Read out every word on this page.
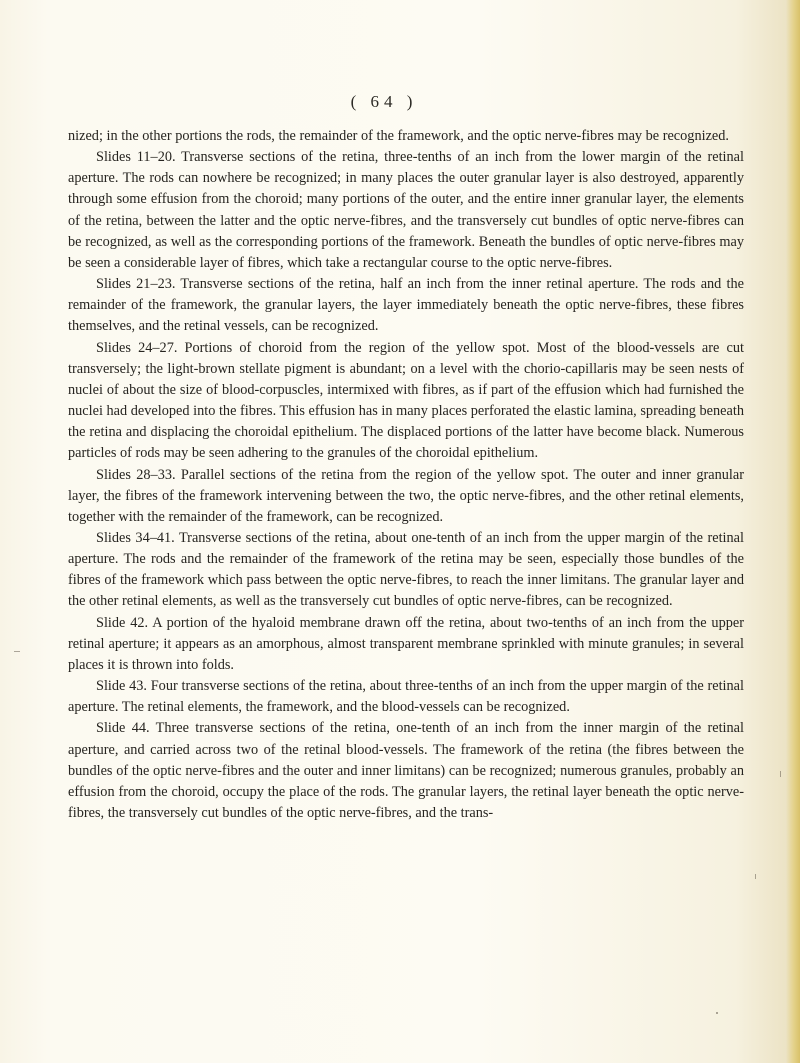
( 64 )

nized; in the other portions the rods, the remainder of the framework, and the optic nerve-fibres may be recognized.

Slides 11–20. Transverse sections of the retina, three-tenths of an inch from the lower margin of the retinal aperture. The rods can nowhere be recognized; in many places the outer granular layer is also destroyed, apparently through some effusion from the choroid; many portions of the outer, and the entire inner granular layer, the elements of the retina, between the latter and the optic nerve-fibres, and the transversely cut bundles of optic nerve-fibres can be recognized, as well as the corresponding portions of the framework. Beneath the bundles of optic nerve-fibres may be seen a considerable layer of fibres, which take a rectangular course to the optic nerve-fibres.

Slides 21–23. Transverse sections of the retina, half an inch from the inner retinal aperture. The rods and the remainder of the framework, the granular layers, the layer immediately beneath the optic nerve-fibres, these fibres themselves, and the retinal vessels, can be recognized.

Slides 24–27. Portions of choroid from the region of the yellow spot. Most of the blood-vessels are cut transversely; the light-brown stellate pigment is abundant; on a level with the chorio-capillaris may be seen nests of nuclei of about the size of blood-corpuscles, intermixed with fibres, as if part of the effusion which had furnished the nuclei had developed into the fibres. This effusion has in many places perforated the elastic lamina, spreading beneath the retina and displacing the choroidal epithelium. The displaced portions of the latter have become black. Numerous particles of rods may be seen adhering to the granules of the choroidal epithelium.

Slides 28–33. Parallel sections of the retina from the region of the yellow spot. The outer and inner granular layer, the fibres of the framework intervening between the two, the optic nerve-fibres, and the other retinal elements, together with the remainder of the framework, can be recognized.

Slides 34–41. Transverse sections of the retina, about one-tenth of an inch from the upper margin of the retinal aperture. The rods and the remainder of the framework of the retina may be seen, especially those bundles of the fibres of the framework which pass between the optic nerve-fibres, to reach the inner limitans. The granular layer and the other retinal elements, as well as the transversely cut bundles of optic nerve-fibres, can be recognized.

Slide 42. A portion of the hyaloid membrane drawn off the retina, about two-tenths of an inch from the upper retinal aperture; it appears as an amorphous, almost transparent membrane sprinkled with minute granules; in several places it is thrown into folds.

Slide 43. Four transverse sections of the retina, about three-tenths of an inch from the upper margin of the retinal aperture. The retinal elements, the framework, and the blood-vessels can be recognized.

Slide 44. Three transverse sections of the retina, one-tenth of an inch from the inner margin of the retinal aperture, and carried across two of the retinal blood-vessels. The framework of the retina (the fibres between the bundles of the optic nerve-fibres and the outer and inner limitans) can be recognized; numerous granules, probably an effusion from the choroid, occupy the place of the rods. The granular layers, the retinal layer beneath the optic nerve-fibres, the transversely cut bundles of the optic nerve-fibres, and the trans-
